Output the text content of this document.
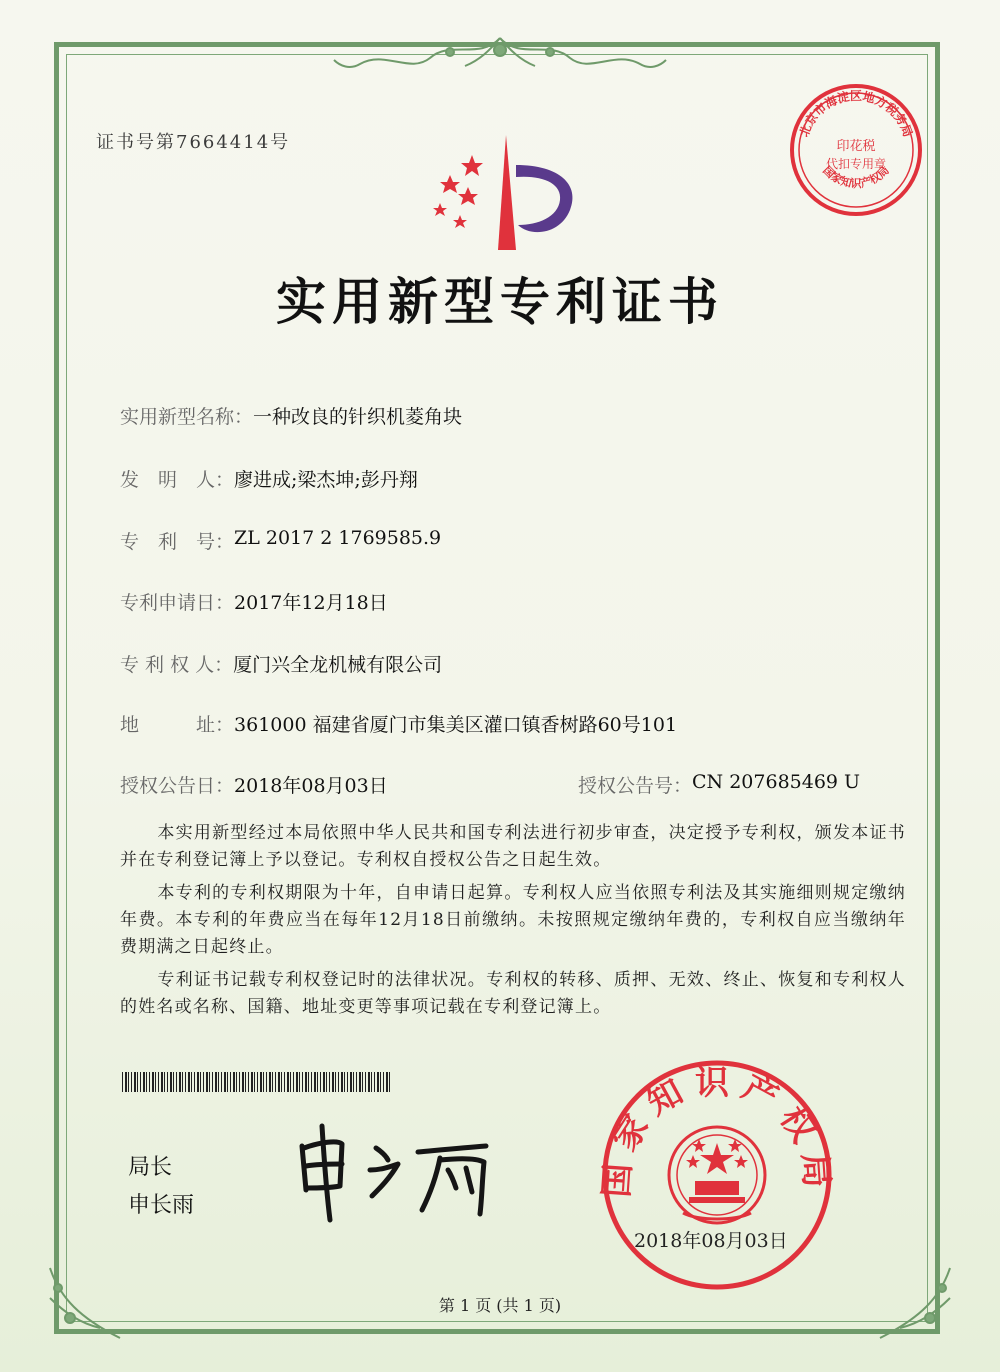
证书号第7664414号
北京市海淀区地方税务局
印花税
代扣专用章
国家知识产权局
实用新型专利证书
实用新型名称： 一种改良的针织机菱角块
发　明　人： 廖进成;梁杰坤;彭丹翔
专　利　号： ZL 2017 2 1769585.9
专利申请日： 2017年12月18日
专 利 权 人： 厦门兴全龙机械有限公司
地　　　址： 361000 福建省厦门市集美区灌口镇香树路60号101
授权公告日： 2018年08月03日	授权公告号： CN 207685469 U

本实用新型经过本局依照中华人民共和国专利法进行初步审查，决定授予专利权，颁发本证书并在专利登记簿上予以登记。专利权自授权公告之日起生效。

本专利的专利权期限为十年，自申请日起算。专利权人应当依照专利法及其实施细则规定缴纳年费。本专利的年费应当在每年12月18日前缴纳。未按照规定缴纳年费的，专利权自应当缴纳年费期满之日起终止。

专利证书记载专利权登记时的法律状况。专利权的转移、质押、无效、终止、恢复和专利权人的姓名或名称、国籍、地址变更等事项记载在专利登记簿上。

局长
申长雨
国家知识产权局
2018年08月03日
第 1 页 (共 1 页)
